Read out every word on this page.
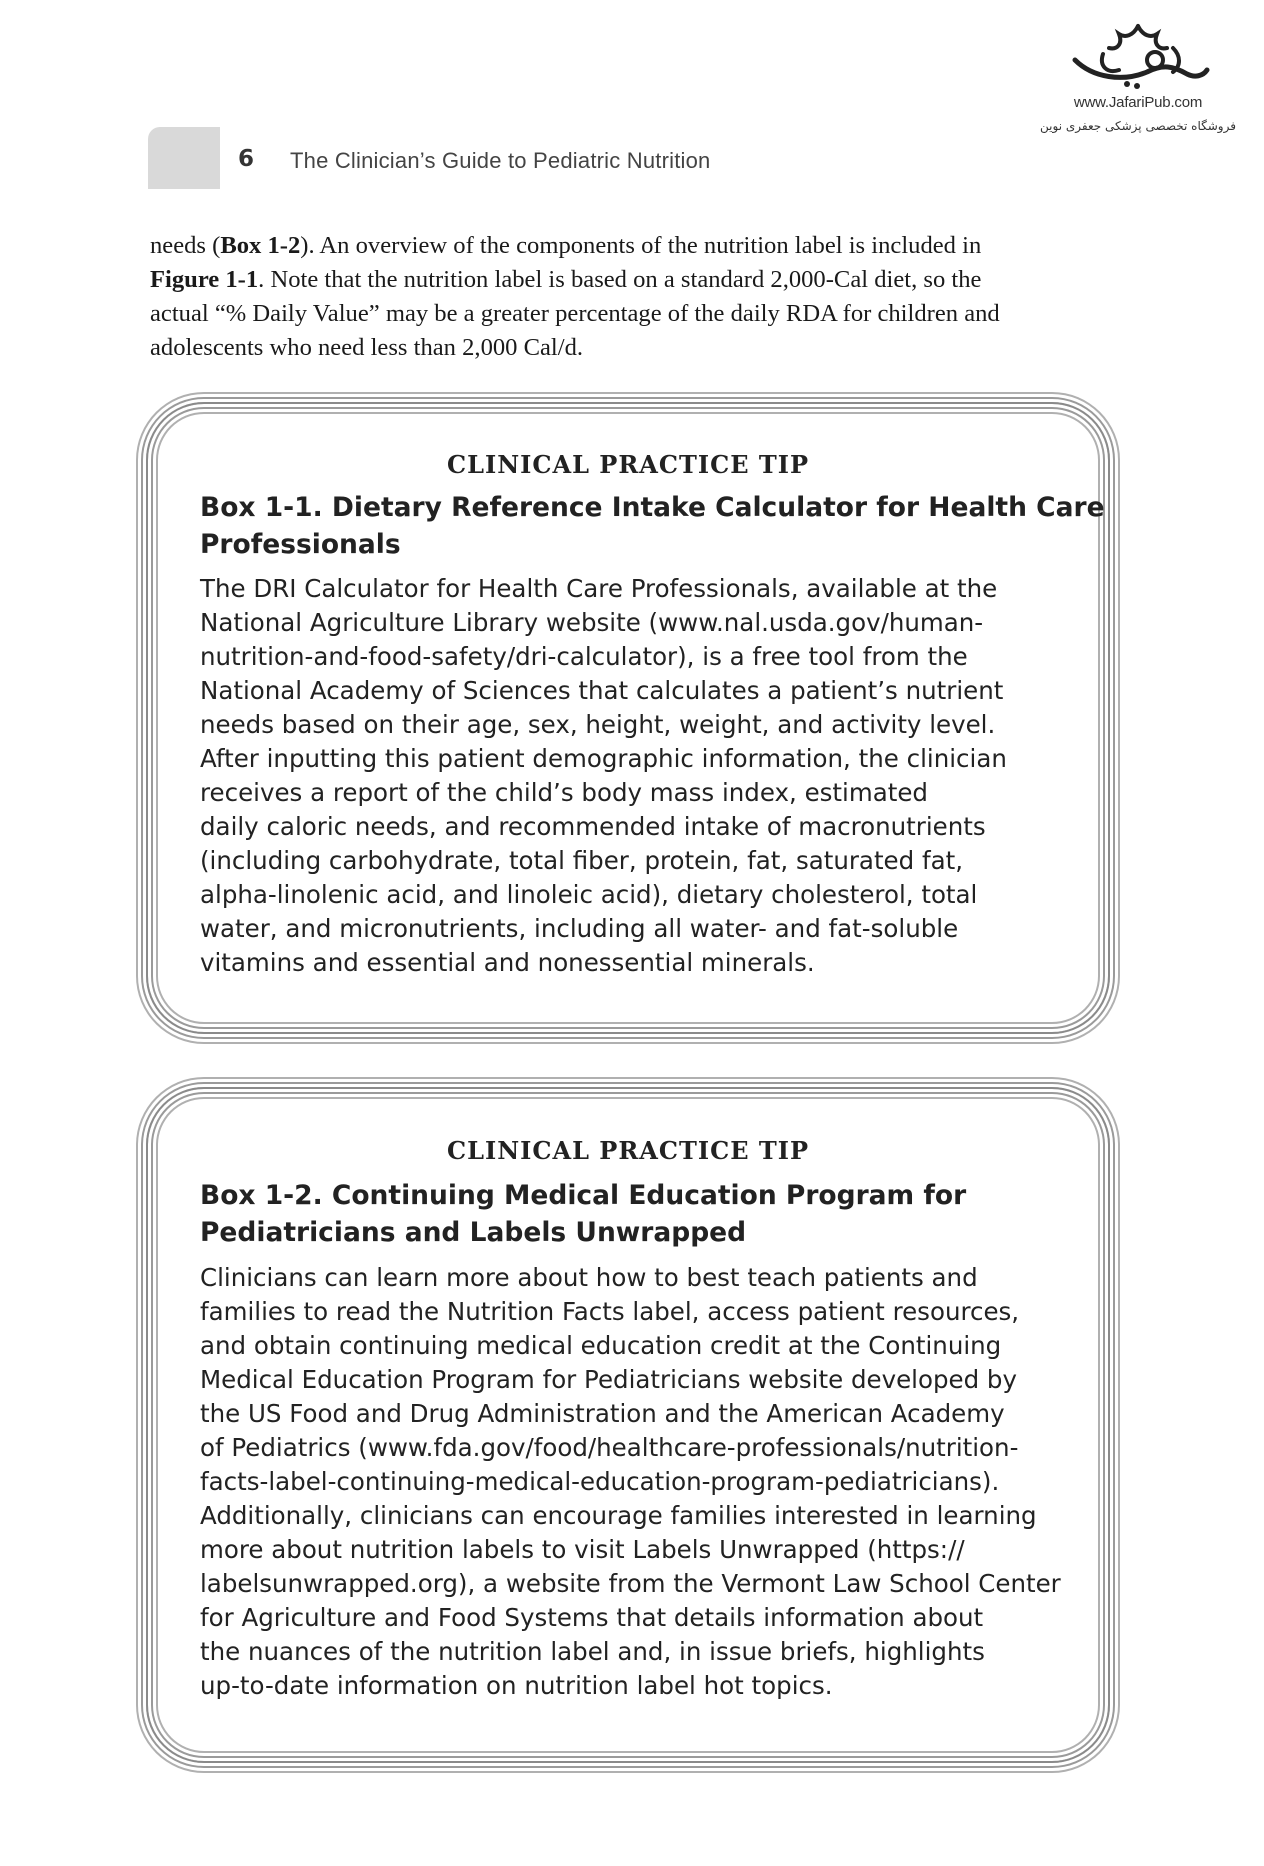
www.JafariPub.com
فروشگاه تخصصی پزشکی جعفری نوین
6 The Clinician’s Guide to Pediatric Nutrition
needs (Box 1-2). An overview of the components of the nutrition label is included in
Figure 1-1. Note that the nutrition label is based on a standard 2,000-Cal diet, so the
actual “% Daily Value” may be a greater percentage of the daily RDA for children and
adolescents who need less than 2,000 Cal/d.
CLINICAL PRACTICE TIP
Box 1-1. Dietary Reference Intake Calculator for Health Care
Professionals
The DRI Calculator for Health Care Professionals, available at the
National Agriculture Library website (www.nal.usda.gov/human-
nutrition-and-food-safety/dri-calculator), is a free tool from the
National Academy of Sciences that calculates a patient’s nutrient
needs based on their age, sex, height, weight, and activity level.
After inputting this patient demographic information, the clinician
receives a report of the child’s body mass index, estimated
daily caloric needs, and recommended intake of macronutrients
(including carbohydrate, total fiber, protein, fat, saturated fat,
alpha-linolenic acid, and linoleic acid), dietary cholesterol, total
water, and micronutrients, including all water- and fat-soluble
vitamins and essential and nonessential minerals.
CLINICAL PRACTICE TIP
Box 1-2. Continuing Medical Education Program for
Pediatricians and Labels Unwrapped
Clinicians can learn more about how to best teach patients and
families to read the Nutrition Facts label, access patient resources,
and obtain continuing medical education credit at the Continuing
Medical Education Program for Pediatricians website developed by
the US Food and Drug Administration and the American Academy
of Pediatrics (www.fda.gov/food/healthcare-professionals/nutrition-
facts-label-continuing-medical-education-program-pediatricians).
Additionally, clinicians can encourage families interested in learning
more about nutrition labels to visit Labels Unwrapped (https://
labelsunwrapped.org), a website from the Vermont Law School Center
for Agriculture and Food Systems that details information about
the nuances of the nutrition label and, in issue briefs, highlights
up-to-date information on nutrition label hot topics.
